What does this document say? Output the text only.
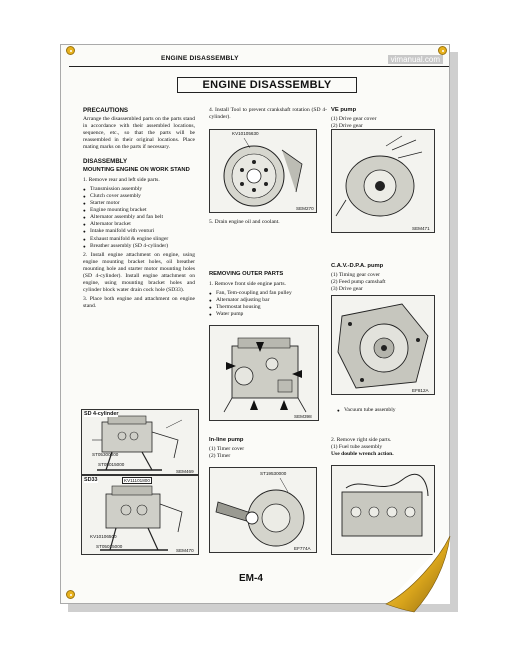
ENGINE DISASSEMBLY	vimanual.com
ENGINE DISASSEMBLY

PRECAUTIONS

Arrange the disassembled parts on the parts stand in accordance with their assembled locations, sequence, etc., so that the parts will be reassembled in their original locations. Place mating marks on the parts if necessary.

DISASSEMBLY

MOUNTING ENGINE ON WORK STAND

1. Remove rear and left side parts.

● Transmission assembly
● Clutch cover assembly
● Starter motor
● Engine mounting bracket
● Alternator assembly and fan belt
● Alternator bracket
● Intake manifold with venturi
● Exhaust manifold & engine slinger
● Breather assembly (SD 4-cylinder)

2. Install engine attachment on engine, using engine mounting bracket holes, oil breather mounting hole and starter motor mounting holes (SD 4-cylinder). Install engine attachment on engine, using mounting bracket holes and cylinder block water drain cock hole (SD33).

3. Place both engine and attachment on engine stand.

SD 4-cylinder
ST05300000
ST05015000
SEM469
SD33	KV11101800
KV10106500
ST05015000
SEM470

4. Install Tool to prevent crankshaft rotation (SD 4-cylinder).

KV10105630
SEM270

5. Drain engine oil and coolant.

REMOVING OUTER PARTS

1. Remove front side engine parts.

● Fan, Tem-coupling and fan pulley
● Alternator adjusting bar
● Thermostat housing
● Water pump
SEM398

In-line pump

(1) Timer cover

(2) Timer

ST19530000
EF774A

VE pump

(1) Drive gear cover

(2) Drive gear

SEM471

C.A.V.-D.P.A. pump

(1) Timing gear cover

(2) Feed pump camshaft

(3) Drive gear

EF812A
● Vacuum tube assembly

2. Remove right side parts.

(1) Fuel tube assembly

Use double wrench action.

EM-4
